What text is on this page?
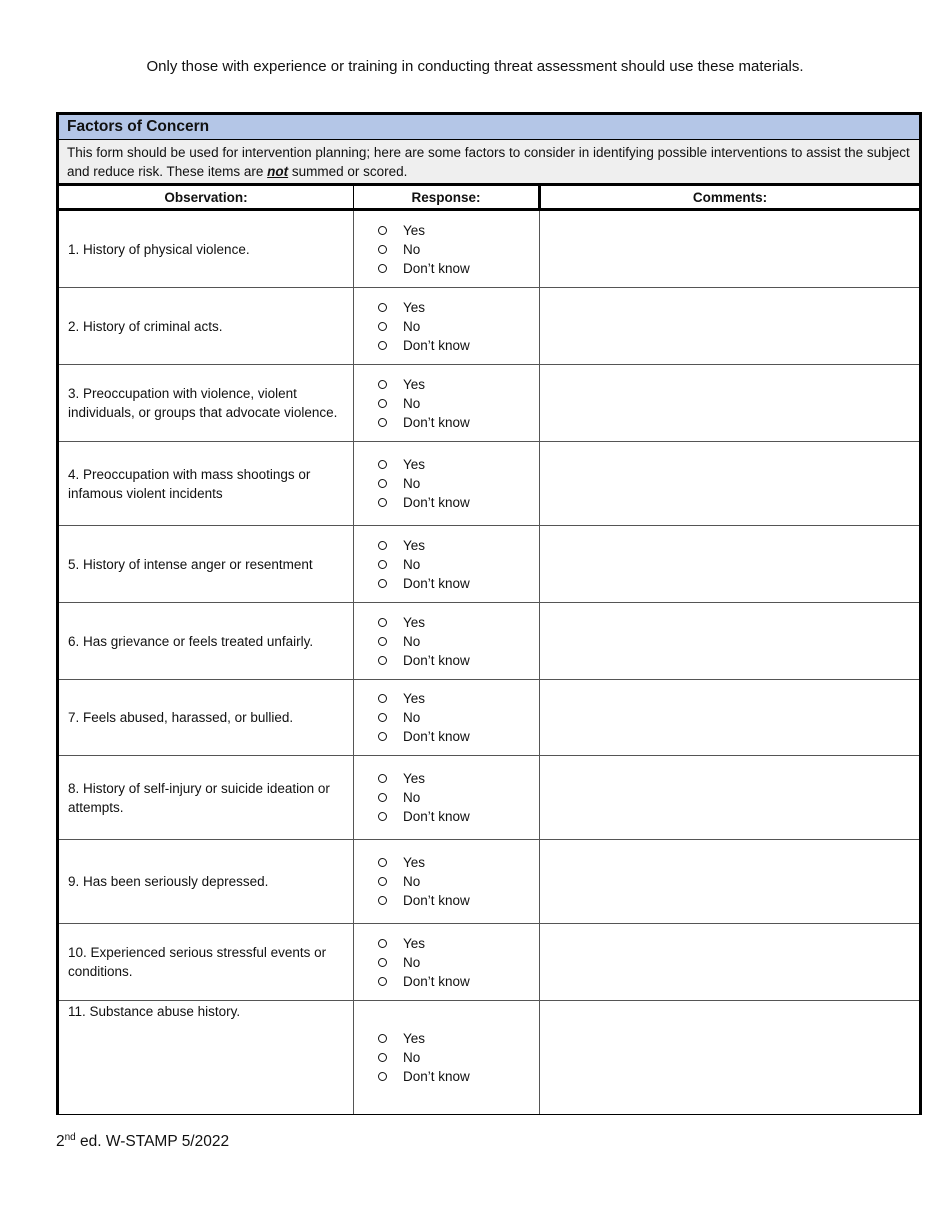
Only those with experience or training in conducting threat assessment should use these materials.
Factors of Concern		
This form should be used for intervention planning; here are some factors to consider in identifying possible interventions to assist the subject and reduce risk. These items are not summed or scored.		
Observation:	Response:	Comments:
1. History of physical violence.	Yes
No
Don’t know	

2. History of criminal acts.	Yes
No
Don’t know	

3. Preoccupation with violence, violent individuals, or groups that advocate violence.	Yes
No
Don’t know	

4. Preoccupation with mass shootings or infamous violent incidents	Yes
No
Don’t know	

5. History of intense anger or resentment	Yes
No
Don’t know	

6. Has grievance or feels treated unfairly.	Yes
No
Don’t know	

7. Feels abused, harassed, or bullied.	Yes
No
Don’t know	

8. History of self-injury or suicide ideation or attempts.	Yes
No
Don’t know	

9. Has been seriously depressed.	Yes
No
Don’t know	

10. Experienced serious stressful events or conditions.	Yes
No
Don’t know	

11. Substance abuse history.	Yes
No
Don’t know	

2nd ed. W-STAMP 5/2022
